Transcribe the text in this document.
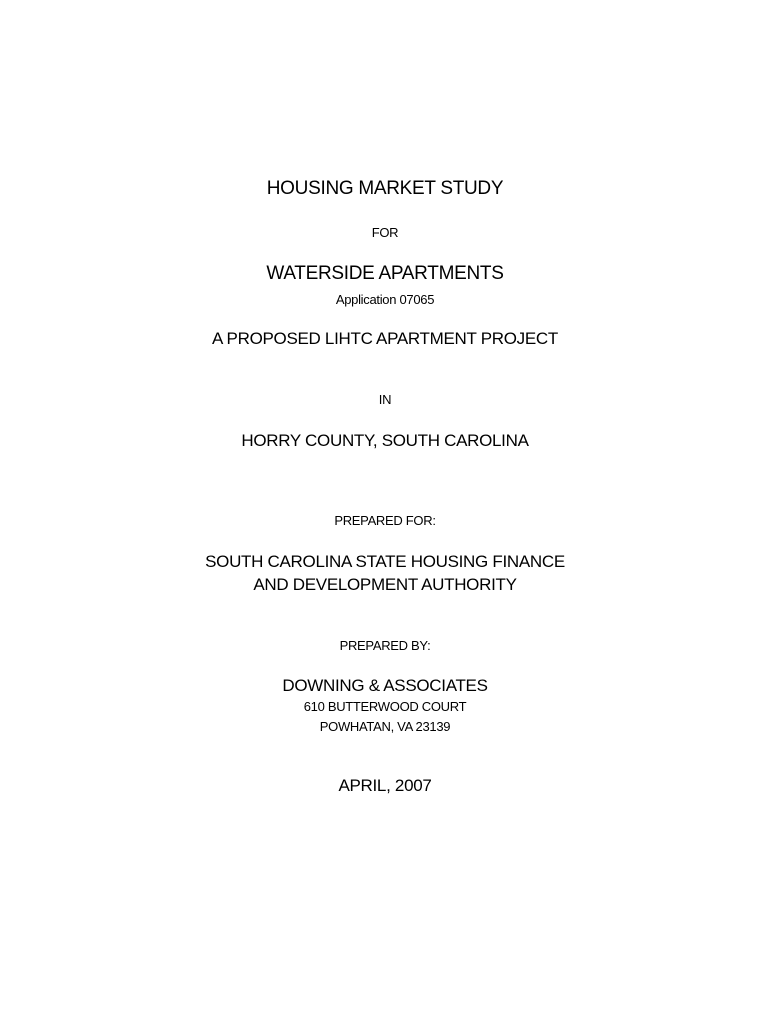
HOUSING MARKET STUDY
FOR
WATERSIDE APARTMENTS
Application 07065
A PROPOSED LIHTC APARTMENT PROJECT
IN
HORRY COUNTY, SOUTH CAROLINA
PREPARED FOR:
SOUTH CAROLINA STATE HOUSING FINANCE
AND DEVELOPMENT AUTHORITY
PREPARED BY:
DOWNING & ASSOCIATES
610 BUTTERWOOD COURT
POWHATAN, VA 23139
APRIL, 2007
